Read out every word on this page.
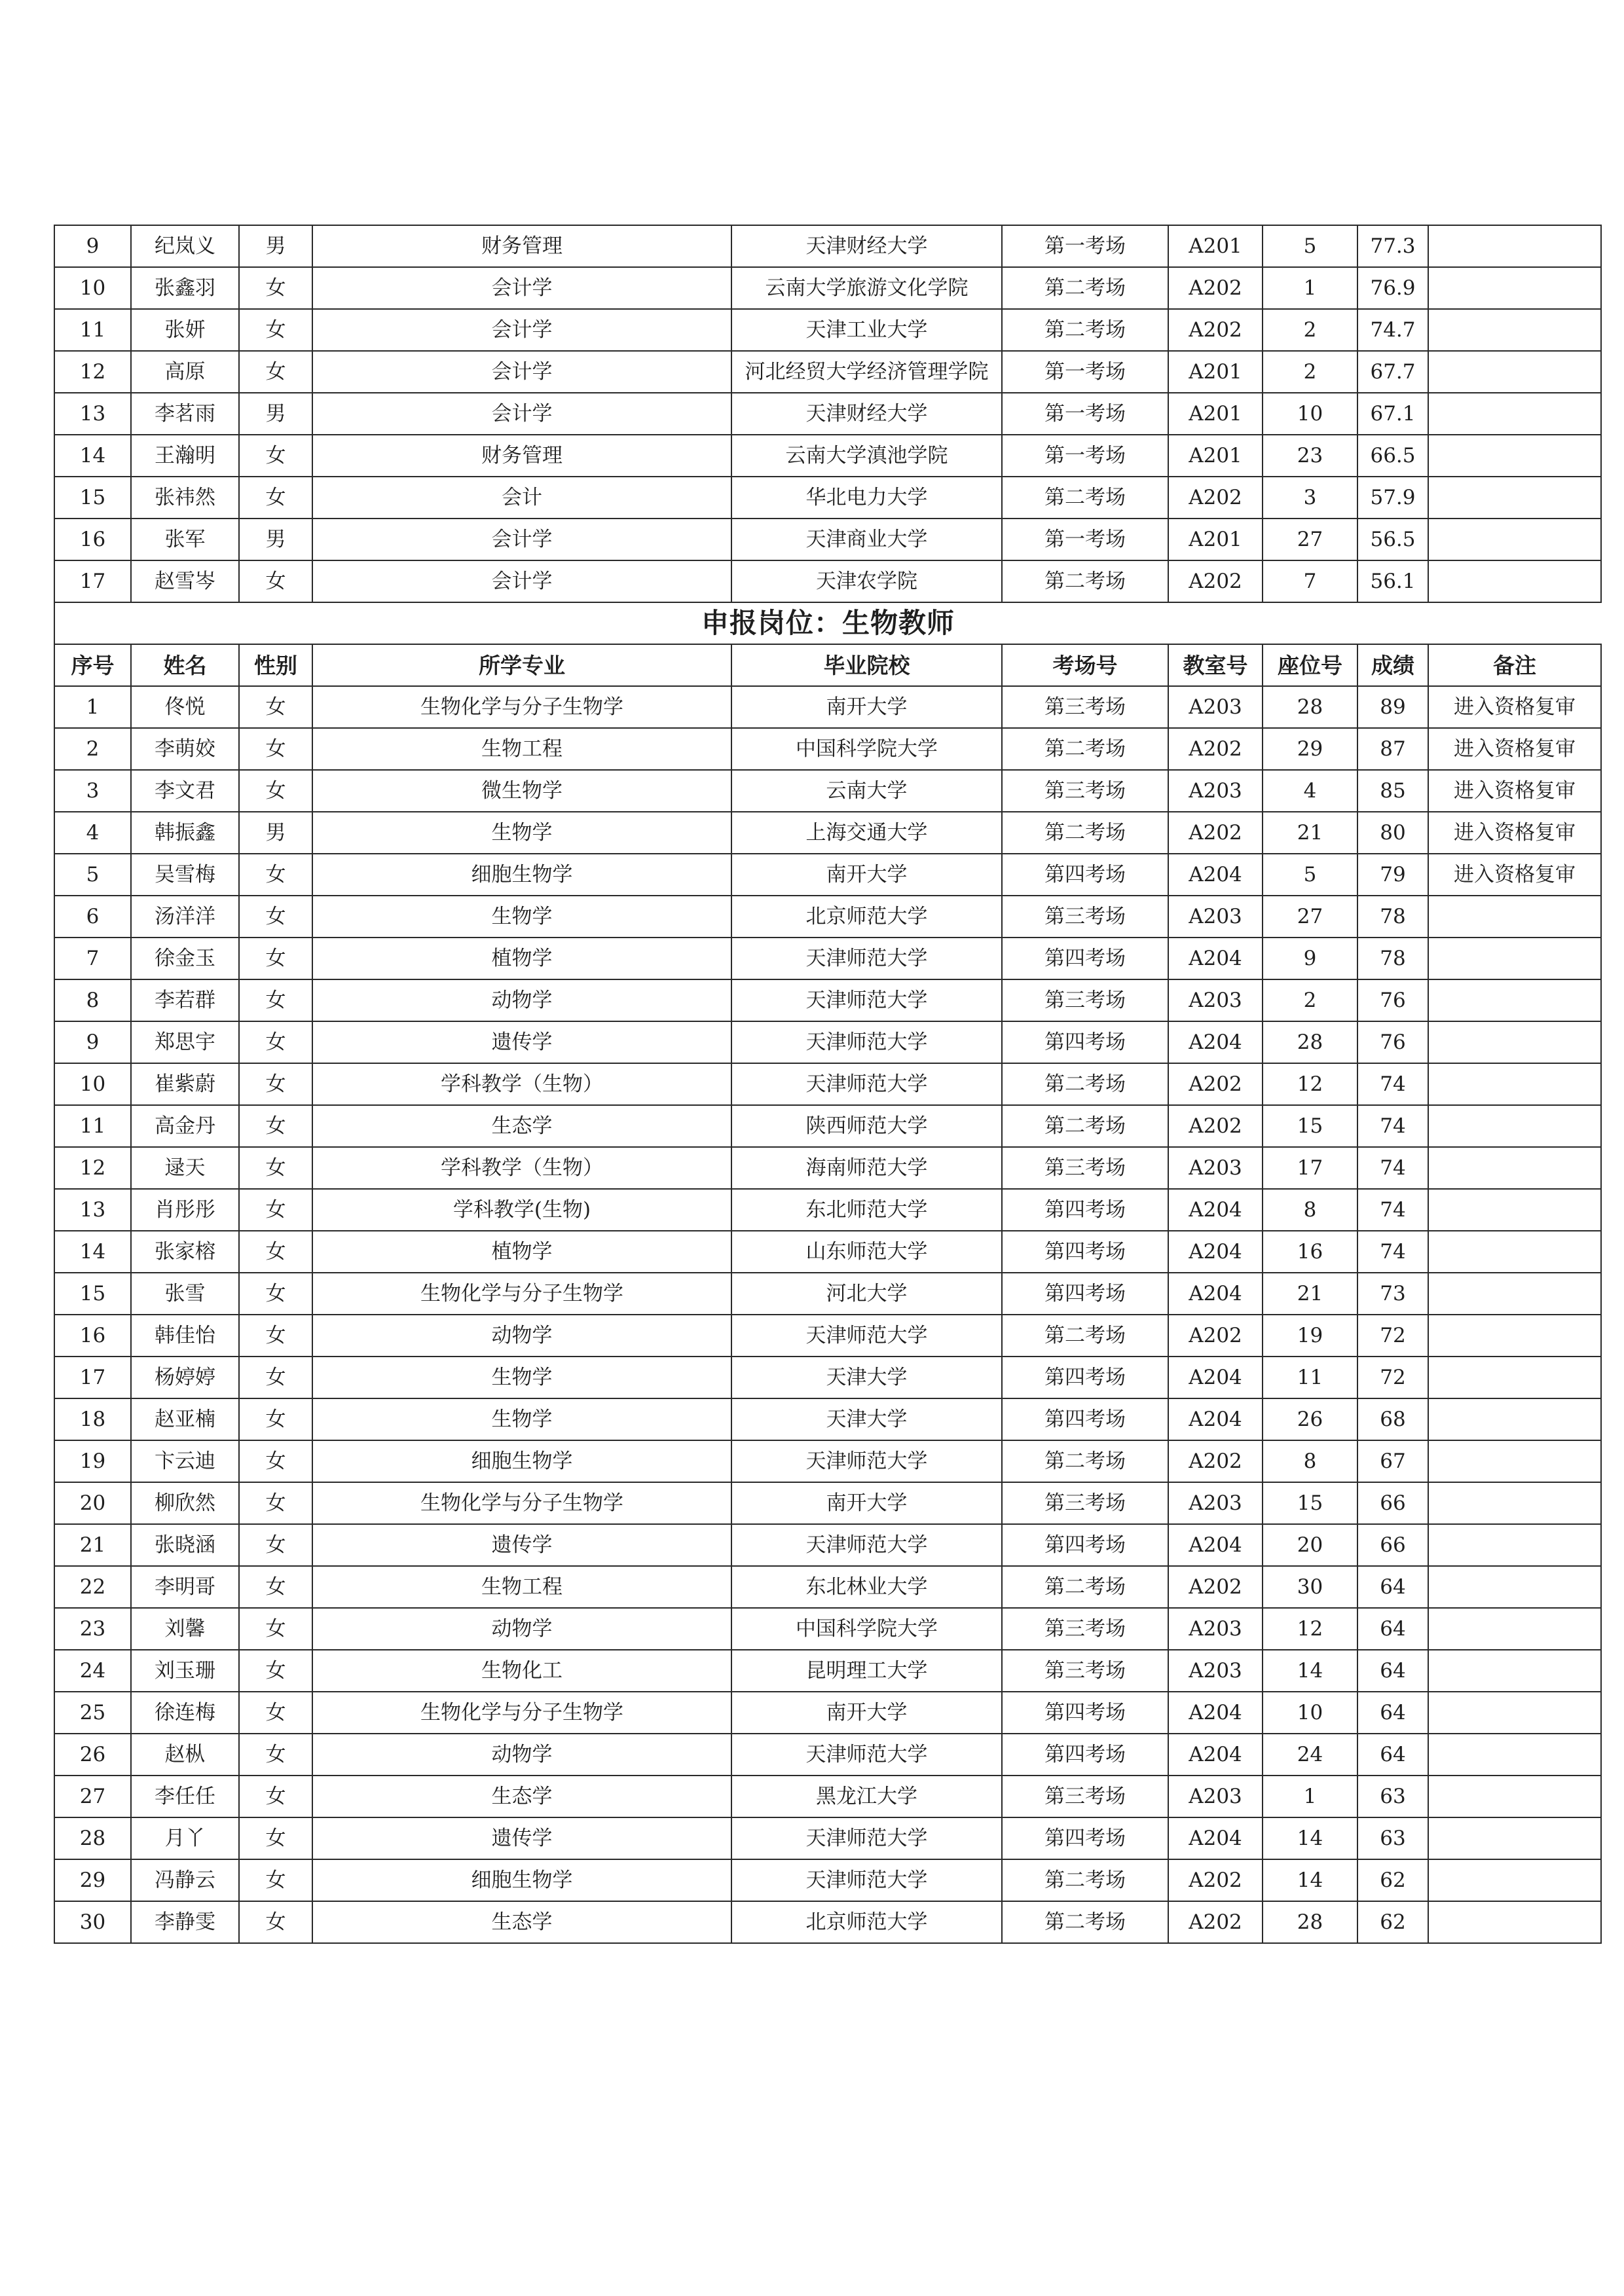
9	纪岚义	男	财务管理	天津财经大学	第一考场	A201	5	77.3	
10	张鑫羽	女	会计学	云南大学旅游文化学院	第二考场	A202	1	76.9	
11	张妍	女	会计学	天津工业大学	第二考场	A202	2	74.7	
12	高原	女	会计学	河北经贸大学经济管理学院	第一考场	A201	2	67.7	
13	李茗雨	男	会计学	天津财经大学	第一考场	A201	10	67.1	
14	王瀚明	女	财务管理	云南大学滇池学院	第一考场	A201	23	66.5	
15	张祎然	女	会计	华北电力大学	第二考场	A202	3	57.9	
16	张军	男	会计学	天津商业大学	第一考场	A201	27	56.5	
17	赵雪岑	女	会计学	天津农学院	第二考场	A202	7	56.1	
申报岗位：生物教师									
序号	姓名	性别	所学专业	毕业院校	考场号	教室号	座位号	成绩	备注
1	佟悦	女	生物化学与分子生物学	南开大学	第三考场	A203	28	89	进入资格复审
2	李萌姣	女	生物工程	中国科学院大学	第二考场	A202	29	87	进入资格复审
3	李文君	女	微生物学	云南大学	第三考场	A203	4	85	进入资格复审
4	韩振鑫	男	生物学	上海交通大学	第二考场	A202	21	80	进入资格复审
5	吴雪梅	女	细胞生物学	南开大学	第四考场	A204	5	79	进入资格复审
6	汤洋洋	女	生物学	北京师范大学	第三考场	A203	27	78	
7	徐金玉	女	植物学	天津师范大学	第四考场	A204	9	78	
8	李若群	女	动物学	天津师范大学	第三考场	A203	2	76	
9	郑思宇	女	遗传学	天津师范大学	第四考场	A204	28	76	
10	崔紫蔚	女	学科教学（生物）	天津师范大学	第二考场	A202	12	74	
11	高金丹	女	生态学	陕西师范大学	第二考场	A202	15	74	
12	逯天	女	学科教学（生物）	海南师范大学	第三考场	A203	17	74	
13	肖彤彤	女	学科教学(生物)	东北师范大学	第四考场	A204	8	74	
14	张家榕	女	植物学	山东师范大学	第四考场	A204	16	74	
15	张雪	女	生物化学与分子生物学	河北大学	第四考场	A204	21	73	
16	韩佳怡	女	动物学	天津师范大学	第二考场	A202	19	72	
17	杨婷婷	女	生物学	天津大学	第四考场	A204	11	72	
18	赵亚楠	女	生物学	天津大学	第四考场	A204	26	68	
19	卞云迪	女	细胞生物学	天津师范大学	第二考场	A202	8	67	
20	柳欣然	女	生物化学与分子生物学	南开大学	第三考场	A203	15	66	
21	张晓涵	女	遗传学	天津师范大学	第四考场	A204	20	66	
22	李明哥	女	生物工程	东北林业大学	第二考场	A202	30	64	
23	刘馨	女	动物学	中国科学院大学	第三考场	A203	12	64	
24	刘玉珊	女	生物化工	昆明理工大学	第三考场	A203	14	64	
25	徐连梅	女	生物化学与分子生物学	南开大学	第四考场	A204	10	64	
26	赵枞	女	动物学	天津师范大学	第四考场	A204	24	64	
27	李任任	女	生态学	黑龙江大学	第三考场	A203	1	63	
28	月丫	女	遗传学	天津师范大学	第四考场	A204	14	63	
29	冯静云	女	细胞生物学	天津师范大学	第二考场	A202	14	62	
30	李静雯	女	生态学	北京师范大学	第二考场	A202	28	62	
